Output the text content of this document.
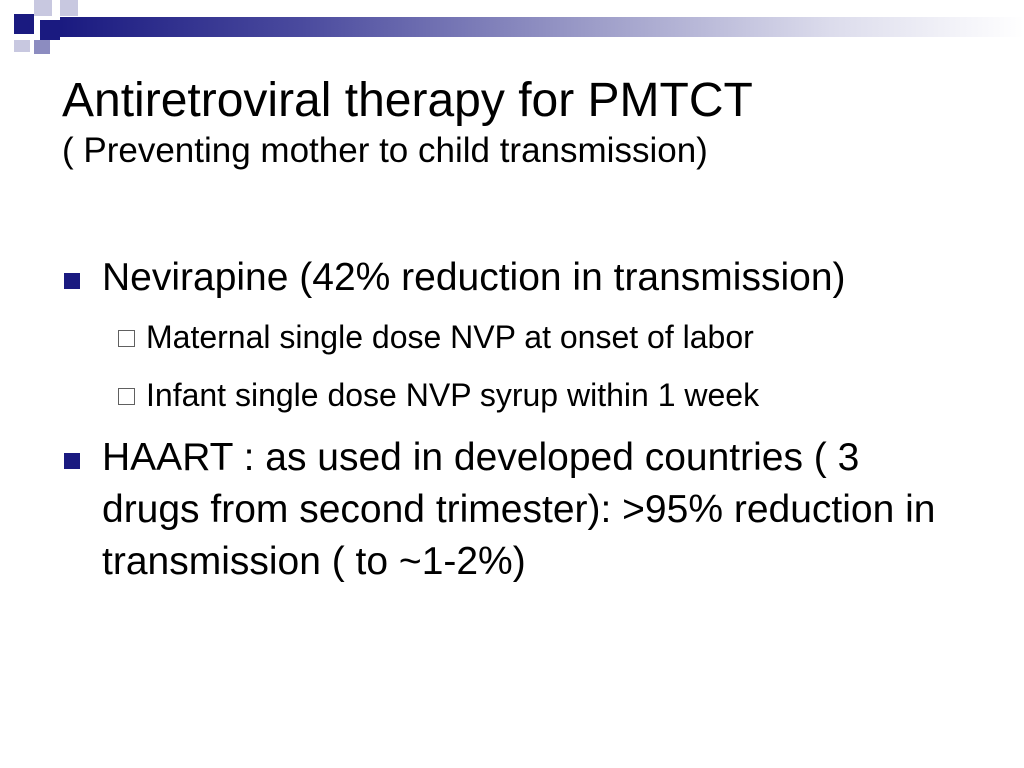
Antiretroviral therapy for PMTCT
( Preventing mother to child transmission)
Nevirapine (42% reduction in transmission)
Maternal single dose NVP at onset of labor
Infant single dose NVP syrup within 1 week
HAART : as used in developed countries ( 3 drugs from second trimester): >95% reduction in transmission ( to ~1-2%)
